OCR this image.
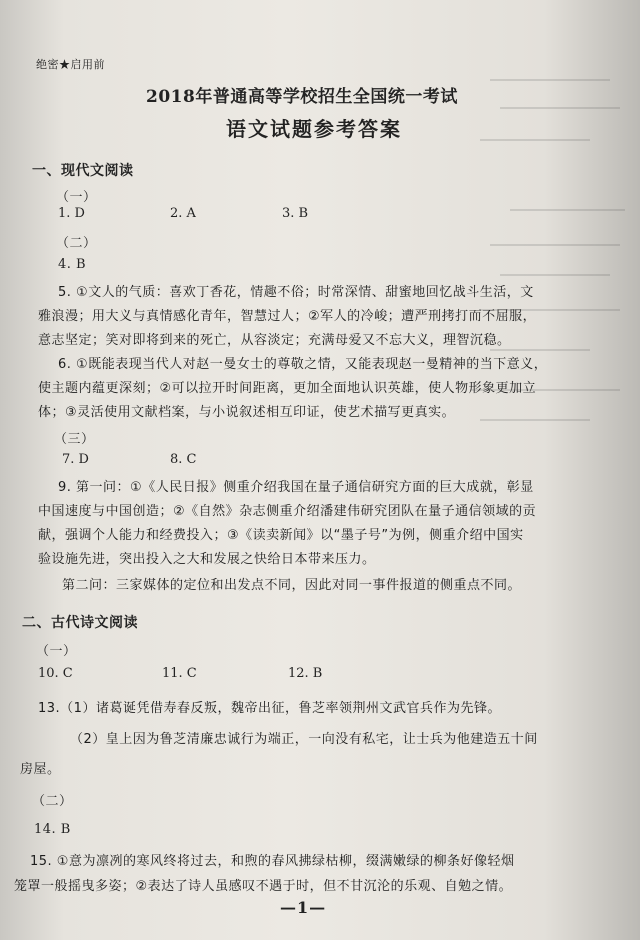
绝密★启用前
2018年普通高等学校招生全国统一考试
语文试题参考答案
一、现代文阅读
（一）
1. D	2. A	3. B
（二）
4. B
5. ①文人的气质：喜欢丁香花，情趣不俗；时常深情、甜蜜地回忆战斗生活，文
雅浪漫；用大义与真情感化青年，智慧过人；②军人的冷峻；遭严刑拷打而不屈服，
意志坚定；笑对即将到来的死亡，从容淡定；充满母爱又不忘大义，理智沉稳。
6. ①既能表现当代人对赵一曼女士的尊敬之情，又能表现赵一曼精神的当下意义，
使主题内蕴更深刻；②可以拉开时间距离，更加全面地认识英雄，使人物形象更加立
体；③灵活使用文献档案，与小说叙述相互印证，使艺术描写更真实。
（三）
7. D	8. C
9. 第一问：①《人民日报》侧重介绍我国在量子通信研究方面的巨大成就，彰显
中国速度与中国创造；②《自然》杂志侧重介绍潘建伟研究团队在量子通信领域的贡
献，强调个人能力和经费投入；③《读卖新闻》以“墨子号”为例，侧重介绍中国实
验设施先进，突出投入之大和发展之快给日本带来压力。
第二问：三家媒体的定位和出发点不同，因此对同一事件报道的侧重点不同。
二、古代诗文阅读
（一）
10. C	11. C	12. B
13.（1）诸葛诞凭借寿春反叛，魏帝出征，鲁芝率领荆州文武官兵作为先锋。
（2）皇上因为鲁芝清廉忠诚行为端正，一向没有私宅，让士兵为他建造五十间
房屋。
（二）
14. B
15. ①意为凛冽的寒风终将过去，和煦的春风拂绿枯柳，缀满嫩绿的柳条好像轻烟
笼罩一般摇曳多姿；②表达了诗人虽感叹不遇于时，但不甘沉沦的乐观、自勉之情。
—1—
